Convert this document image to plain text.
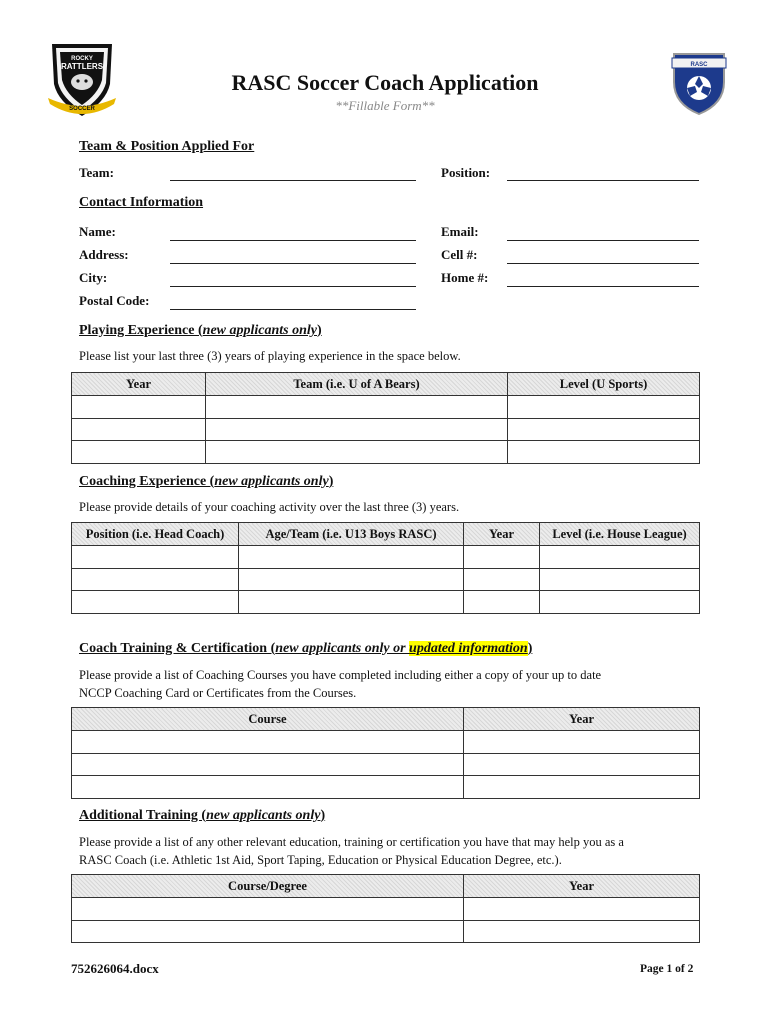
ROCKY
RATTLERS
SOCCER
RASC
RASC Soccer Coach Application
**Fillable Form**
Team & Position Applied For
Team:	Position:
Contact Information
Name:	Email:
Address:	Cell #:
City:	Home #:
Postal Code:
Playing Experience (new applicants only)
Please list your last three (3) years of playing experience in the space below.
Year	Team (i.e. U of A Bears)	Level (U Sports)

Coaching Experience (new applicants only)
Please provide details of your coaching activity over the last three (3) years.
Position (i.e. Head Coach)	Age/Team (i.e. U13 Boys RASC)	Year	Level (i.e. House League)

Coach Training & Certification (new applicants only or updated information)
Please provide a list of Coaching Courses you have completed including either a copy of your up to date
NCCP Coaching Card or Certificates from the Courses.
Course	Year

Additional Training (new applicants only)
Please provide a list of any other relevant education, training or certification you have that may help you as a
RASC Coach (i.e. Athletic 1st Aid, Sport Taping, Education or Physical Education Degree, etc.).
Course/Degree	Year

752626064.docx	Page 1 of 2
